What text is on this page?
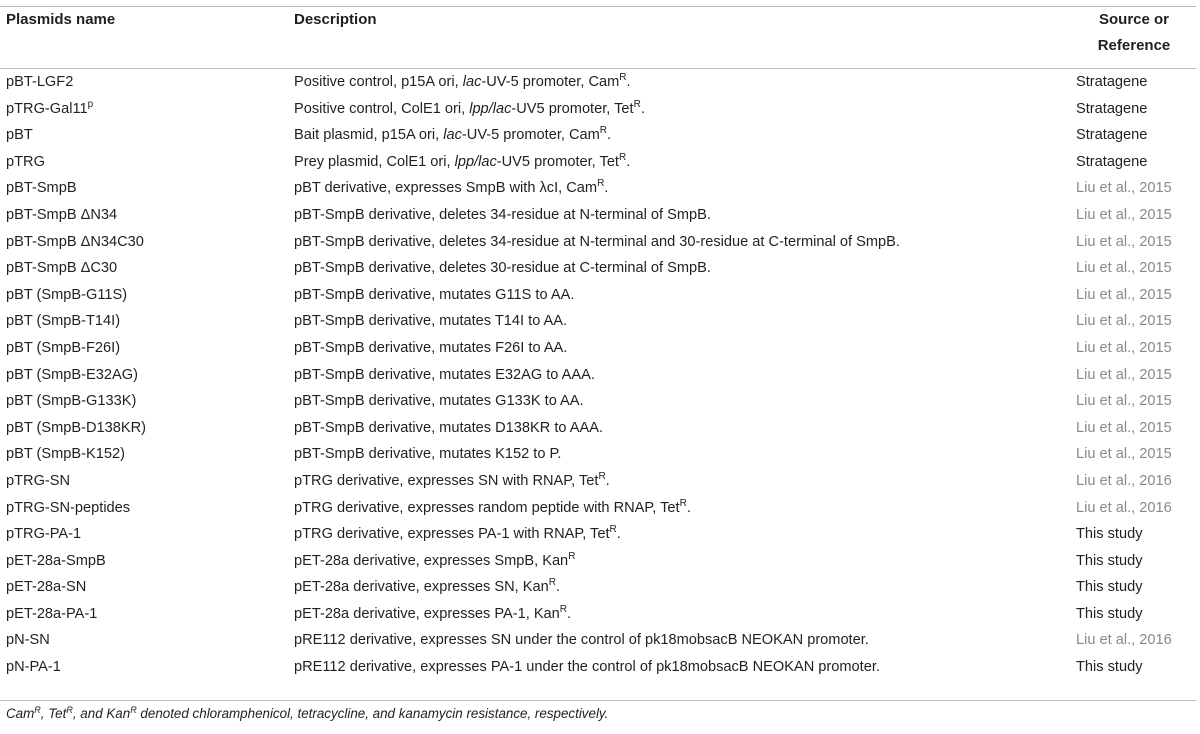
Plasmids name	Description	Source or
Reference
pBT-LGF2	Positive control, p15A ori, lac-UV-5 promoter, Cam$^R$.	Stratagene
pTRG-Gal11$^p$	Positive control, ColE1 ori, lpp/lac-UV5 promoter, Tet$^R$.	Stratagene
pBT	Bait plasmid, p15A ori, lac-UV-5 promoter, Cam$^R$.	Stratagene
pTRG	Prey plasmid, ColE1 ori, lpp/lac-UV5 promoter, Tet$^R$.	Stratagene
pBT-SmpB	pBT derivative, expresses SmpB with λcI, Cam$^R$.	Liu et al., 2015
pBT-SmpB ΔN34	pBT-SmpB derivative, deletes 34-residue at N-terminal of SmpB.	Liu et al., 2015
pBT-SmpB ΔN34C30	pBT-SmpB derivative, deletes 34-residue at N-terminal and 30-residue at C-terminal of SmpB.	Liu et al., 2015
pBT-SmpB ΔC30	pBT-SmpB derivative, deletes 30-residue at C-terminal of SmpB.	Liu et al., 2015
pBT (SmpB-G11S)	pBT-SmpB derivative, mutates G11S to AA.	Liu et al., 2015
pBT (SmpB-T14I)	pBT-SmpB derivative, mutates T14I to AA.	Liu et al., 2015
pBT (SmpB-F26I)	pBT-SmpB derivative, mutates F26I to AA.	Liu et al., 2015
pBT (SmpB-E32AG)	pBT-SmpB derivative, mutates E32AG to AAA.	Liu et al., 2015
pBT (SmpB-G133K)	pBT-SmpB derivative, mutates G133K to AA.	Liu et al., 2015
pBT (SmpB-D138KR)	pBT-SmpB derivative, mutates D138KR to AAA.	Liu et al., 2015
pBT (SmpB-K152)	pBT-SmpB derivative, mutates K152 to P.	Liu et al., 2015
pTRG-SN	pTRG derivative, expresses SN with RNAP, Tet$^R$.	Liu et al., 2016
pTRG-SN-peptides	pTRG derivative, expresses random peptide with RNAP, Tet$^R$.	Liu et al., 2016
pTRG-PA-1	pTRG derivative, expresses PA-1 with RNAP, Tet$^R$.	This study
pET-28a-SmpB	pET-28a derivative, expresses SmpB, Kan$^R$	This study
pET-28a-SN	pET-28a derivative, expresses SN, Kan$^R$.	This study
pET-28a-PA-1	pET-28a derivative, expresses PA-1, Kan$^R$.	This study
pN-SN	pRE112 derivative, expresses SN under the control of pk18mobsacB NEOKAN promoter.	Liu et al., 2016
pN-PA-1	pRE112 derivative, expresses PA-1 under the control of pk18mobsacB NEOKAN promoter.	This study
Cam$^R$, Tet$^R$, and Kan$^R$ denoted chloramphenicol, tetracycline, and kanamycin resistance, respectively.
